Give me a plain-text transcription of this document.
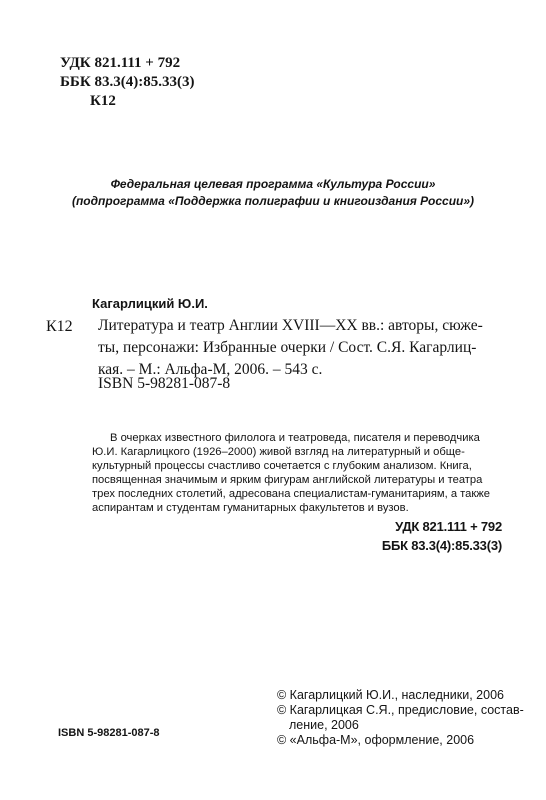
УДК 821.111 + 792
ББК 83.3(4):85.33(3)
К12
Федеральная целевая программа «Культура России»
(подпрограмма «Поддержка полиграфии и книгоиздания России»)
Кагарлицкий Ю.И.
К12 Литература и театр Англии XVIII—XX вв.: авторы, сюже-
ты, персонажи: Избранные очерки / Сост. С.Я. Кагарлиц-
кая. – М.: Альфа-М, 2006. – 543 с.
ISBN 5-98281-087-8
В очерках известного филолога и театроведа, писателя и переводчика
Ю.И. Кагарлицкого (1926–2000) живой взгляд на литературный и обще-
культурный процессы счастливо сочетается с глубоким анализом. Книга,
посвященная значимым и ярким фигурам английской литературы и театра
трех последних столетий, адресована специалистам-гуманитариям, а также
аспирантам и студентам гуманитарных факультетов и вузов.
УДК 821.111 + 792
ББК 83.3(4):85.33(3)
ISBN 5-98281-087-8
© Кагарлицкий Ю.И., наследники, 2006
© Кагарлицкая С.Я., предисловие, состав-
ление, 2006
© «Альфа-М», оформление, 2006
